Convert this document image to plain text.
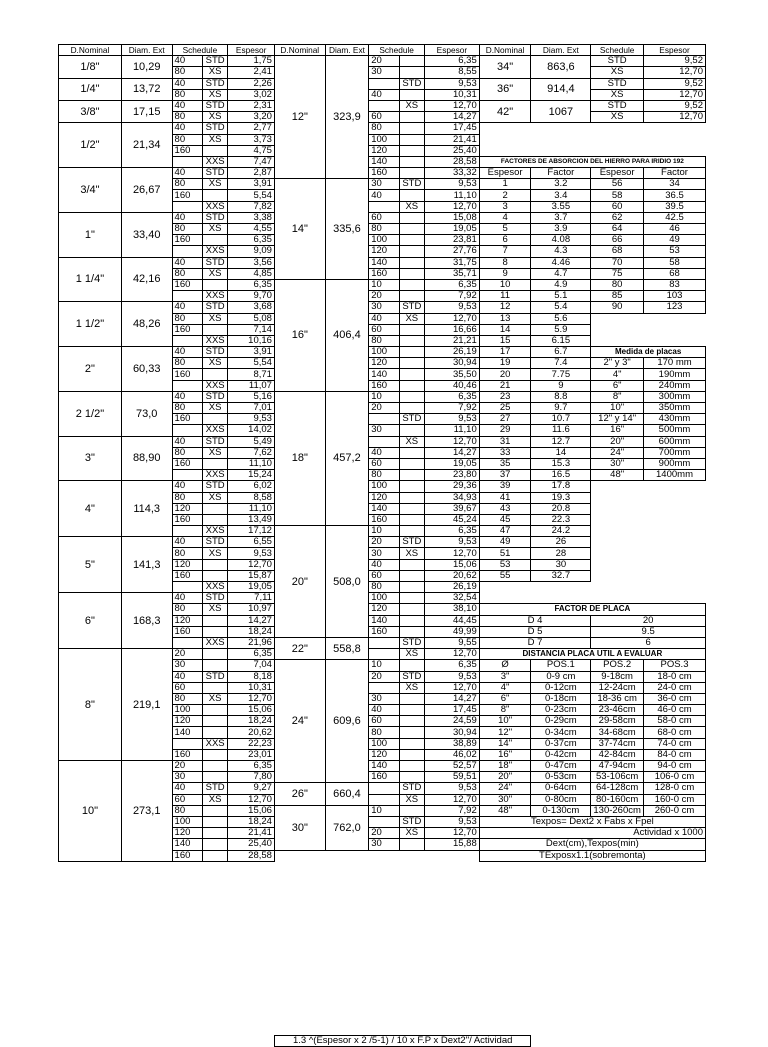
D.Nominal	Diam. Ext	Schedule		Espesor	D.Nominal	Diam. Ext	Schedule		Espesor	D.Nominal	Diam. Ext	Schedule	Espesor
1/8"	10,29	40	STD	1,75	12"	323,9	20		6,35	34"	863,6	STD	9,52
		80	XS	2,41			30		8,55			XS	12,70
1/4"	13,72	40	STD	2,26				STD	9,53	36"	914,4	STD	9,52
		80	XS	3,02			40		10,31			XS	12,70
3/8"	17,15	40	STD	2,31				XS	12,70	42"	1067	STD	9,52
		80	XS	3,20			60		14,27			XS	12,70
1/2"	21,34	40	STD	2,77			80		17,45				
		80	XS	3,73			100		21,41				
		160		4,75			120		25,40				
			XXS	7,47			140		28,58	FACTORES DE ABSORCION DEL HIERRO PARA IRIDIO 192			
3/4"	26,67	40	STD	2,87			160		33,32	Espesor	Factor	Espesor	Factor
		80	XS	3,91	14"	335,6	30	STD	9,53	1	3.2	56	34
		160		5,54			40		11,10	2	3.4	58	36.5
			XXS	7,82				XS	12,70	3	3.55	60	39.5
1"	33,40	40	STD	3,38			60		15,08	4	3.7	62	42.5
		80	XS	4,55			80		19,05	5	3.9	64	46
		160		6,35			100		23,81	6	4.08	66	49
			XXS	9,09			120		27,76	7	4.3	68	53
1 1/4"	42,16	40	STD	3,56			140		31,75	8	4.46	70	58
		80	XS	4,85			160		35,71	9	4.7	75	68
		160		6,35	16"	406,4	10		6,35	10	4.9	80	83
			XXS	9,70			20		7,92	11	5.1	85	103
1 1/2"	48,26	40	STD	3,68			30	STD	9,53	12	5.4	90	123
		80	XS	5,08			40	XS	12,70	13	5.6		
		160		7,14			60		16,66	14	5.9		
			XXS	10,16			80		21,21	15	6.15		
2"	60,33	40	STD	3,91			100		26,19	17	6.7	Medida de placas	
		80	XS	5,54			120		30,94	19	7.4	2" y 3"	170 mm
		160		8,71			140		35,50	20	7.75	4"	190mm
			XXS	11,07			160		40,46	21	9	6"	240mm
2 1/2"	73,0	40	STD	5,16	18"	457,2	10		6,35	23	8.8	8"	300mm
		80	XS	7,01			20		7,92	25	9.7	10"	350mm
		160		9,53				STD	9,53	27	10.7	12" y 14"	430mm
			XXS	14,02			30		11,10	29	11.6	16"	500mm
3"	88,90	40	STD	5,49				XS	12,70	31	12.7	20"	600mm
		80	XS	7,62			40		14,27	33	14	24"	700mm
		160		11,10			60		19,05	35	15.3	30"	900mm
			XXS	15,24			80		23,80	37	16.5	48"	1400mm
4"	114,3	40	STD	6,02			100		29,36	39	17.8		
		80	XS	8,58			120		34,93	41	19.3		
		120		11,10			140		39,67	43	20.8		
		160		13,49			160		45,24	45	22.3		
			XXS	17,12	20"	508,0	10		6,35	47	24.2		
5"	141,3	40	STD	6,55			20	STD	9,53	49	26		
		80	XS	9,53			30	XS	12,70	51	28		
		120		12,70			40		15,06	53	30		
		160		15,87			60		20,62	55	32.7		
			XXS	19,05			80		26,19				
6"	168,3	40	STD	7,11			100		32,54				
		80	XS	10,97			120		38,10	FACTOR DE PLACA			
		120		14,27			140		44,45	D 4		20	
		160		18,24			160		49,99	D 5		9.5	
			XXS	21,96	22"	558,8		STD	9,55	D 7		6	
8"	219,1	20		6,35				XS	12,70	DISTANCIA PLACA UTIL A EVALUAR			
		30		7,04	24"	609,6	10		6,35	Ø	POS.1	POS.2	POS.3
		40	STD	8,18			20	STD	9,53	3"	0-9 cm	9-18cm	18-0 cm
		60		10,31				XS	12,70	4"	0-12cm	12-24cm	24-0 cm
		80	XS	12,70			30		14,27	6"	0-18cm	18-36 cm	36-0 cm
		100		15,06			40		17,45	8"	0-23cm	23-46cm	46-0 cm
		120		18,24			60		24,59	10"	0-29cm	29-58cm	58-0 cm
		140		20,62			80		30,94	12"	0-34cm	34-68cm	68-0 cm
			XXS	22,23			100		38,89	14"	0-37cm	37-74cm	74-0 cm
		160		23,01			120		46,02	16"	0-42cm	42-84cm	84-0 cm
10"	273,1	20		6,35			140		52,57	18"	0-47cm	47-94cm	94-0 cm
		30		7,80			160		59,51	20"	0-53cm	53-106cm	106-0 cm
		40	STD	9,27	26"	660,4		STD	9,53	24"	0-64cm	64-128cm	128-0 cm
		60	XS	12,70				XS	12,70	30"	0-80cm	80-160cm	160-0 cm
		80		15,06	30"	762,0	10		7,92	48"	0-130cm	130-260cm	260-0 cm
		100		18,24				STD	9,53	Texpos= Dext2 x Fabs x Fpel			
		120		21,41			20	XS	12,70	Actividad x 1000			
		140		25,40			30		15,88	Dext(cm),Texpos(min)			
		160		28,58						TExposx1.1(sobremonta)			

					1.3 ^(Espesor x 2 /5-1) / 10 x F.P x Dext2"/ Actividad								
